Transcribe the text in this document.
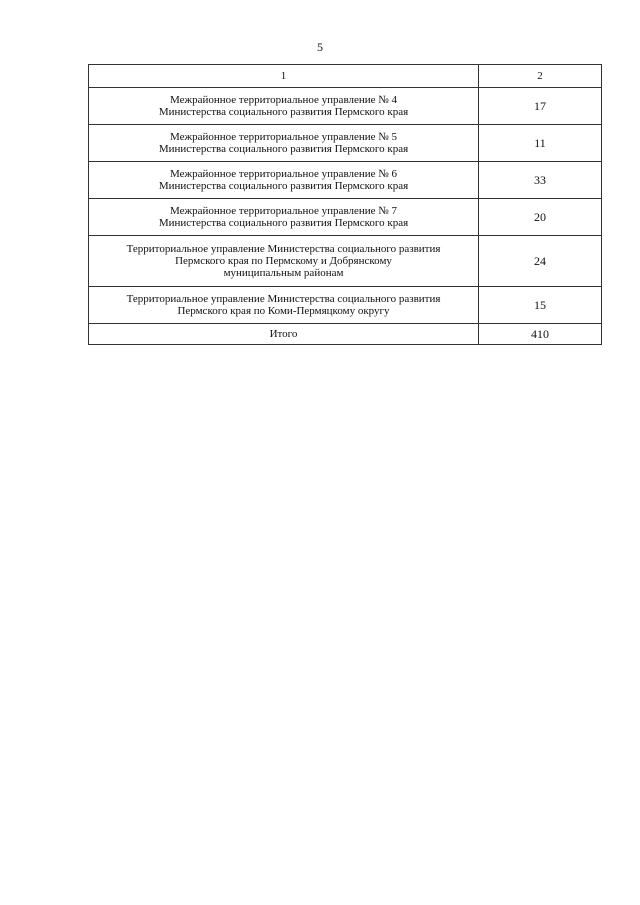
5
1	2

Межрайонное территориальное управление № 4
Министерства социального развития Пермского края	17

Межрайонное территориальное управление № 5
Министерства социального развития Пермского края	11

Межрайонное территориальное управление № 6
Министерства социального развития Пермского края	33

Межрайонное территориальное управление № 7
Министерства социального развития Пермского края	20

Территориальное управление Министерства социального развития
Пермского края по Пермскому и Добрянскому
муниципальным районам	24

Территориальное управление Министерства социального развития
Пермского края по Коми-Пермяцкому округу	15
Итого	410
